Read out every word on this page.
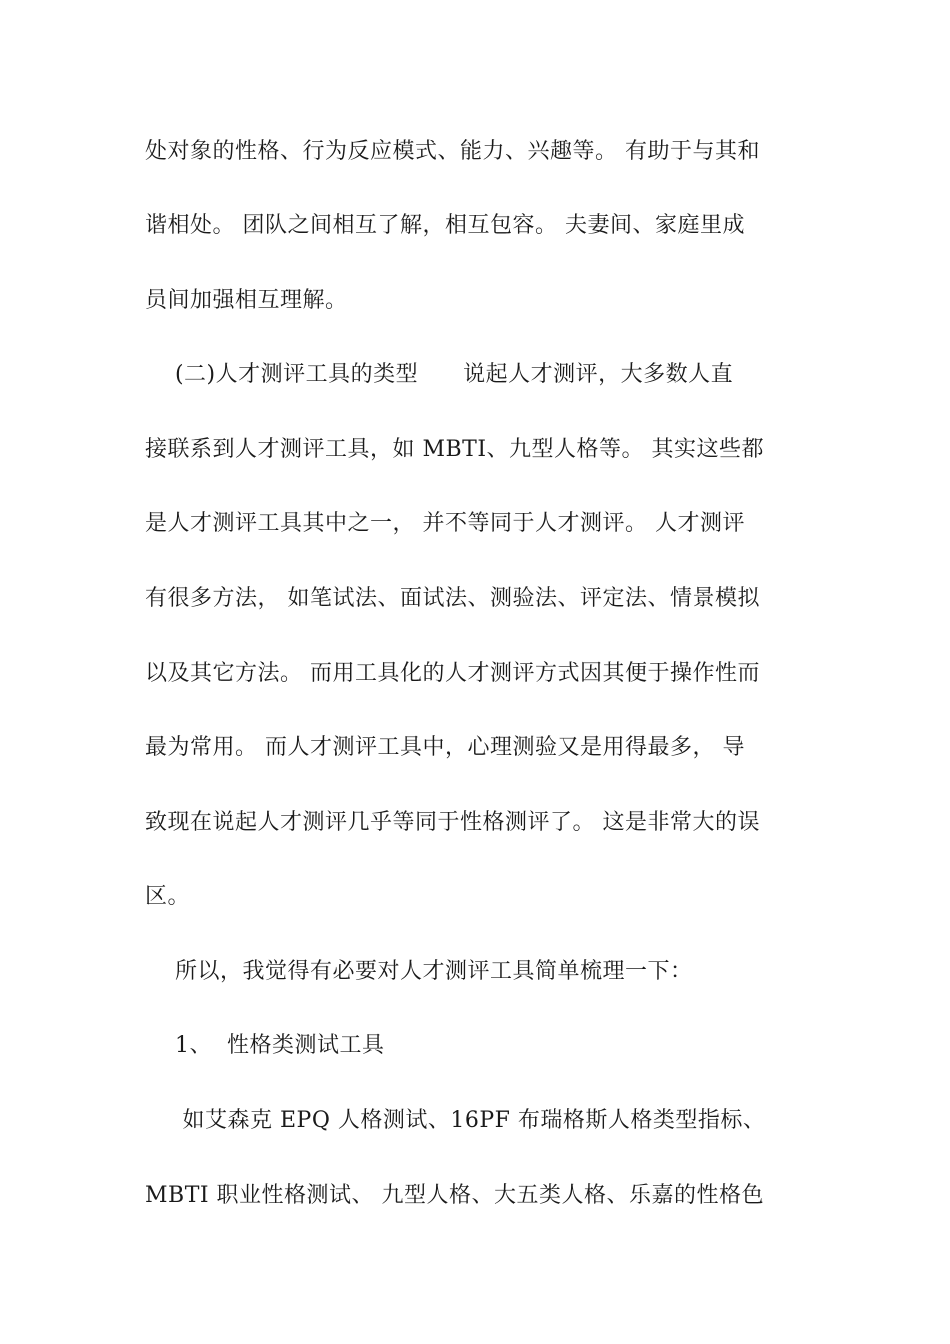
处对象的性格、行为反应模式、能力、兴趣等。 有助于与其和
谐相处。 团队之间相互了解，相互包容。 夫妻间、家庭里成
员间加强相互理解。
(二)人才测评工具的类型      说起人才测评，大多数人直
接联系到人才测评工具，如 MBTI、九型人格等。 其实这些都
是人才测评工具其中之一， 并不等同于人才测评。 人才测评
有很多方法， 如笔试法、面试法、测验法、评定法、情景模拟
以及其它方法。 而用工具化的人才测评方式因其便于操作性而
最为常用。 而人才测评工具中，心理测验又是用得最多， 导
致现在说起人才测评几乎等同于性格测评了。 这是非常大的误
区。
所以，我觉得有必要对人才测评工具简单梳理一下：
1、  性格类测试工具
如艾森克 EPQ 人格测试、16PF 布瑞格斯人格类型指标、
MBTI 职业性格测试、 九型人格、大五类人格、乐嘉的性格色
